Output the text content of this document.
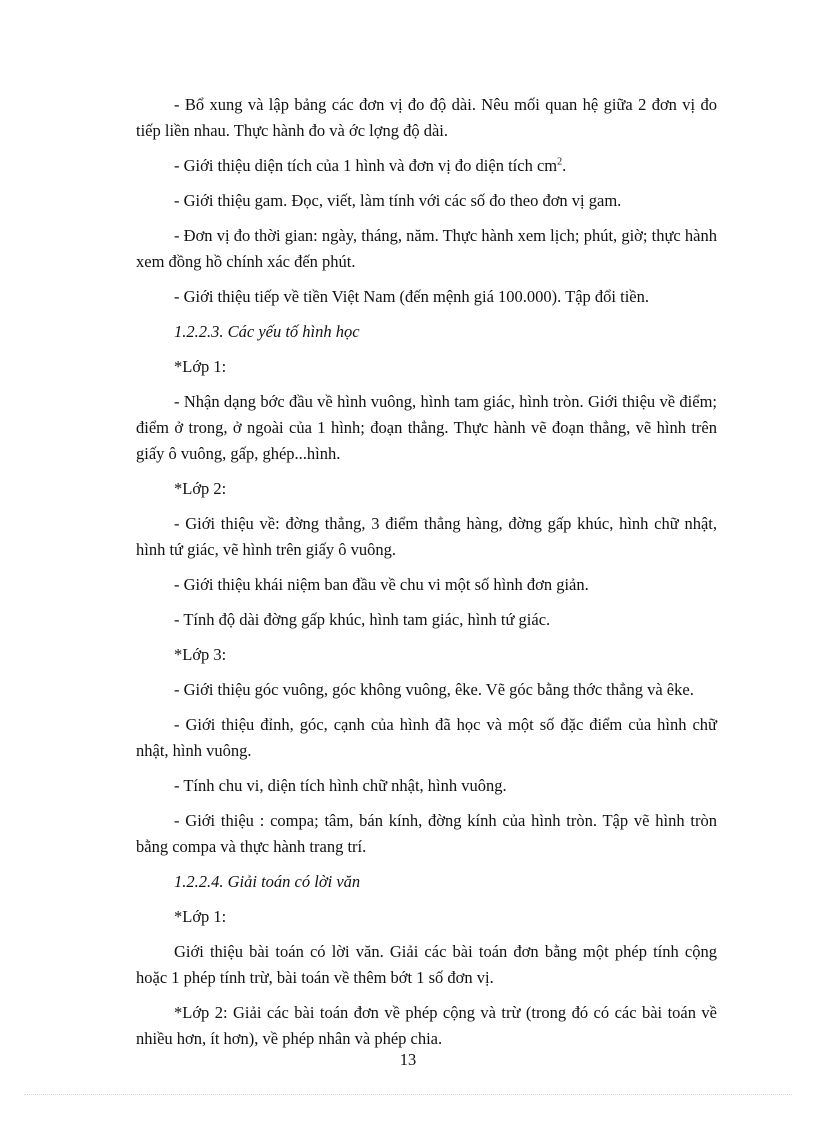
- Bổ xung và lập bảng các đơn vị đo độ dài. Nêu mối quan hệ giữa 2 đơn vị đo tiếp liền nhau. Thực hành đo và ớc lợng độ dài.

- Giới thiệu diện tích của 1 hình và đơn vị đo diện tích $cm^2$.

- Giới thiệu gam. Đọc, viết, làm tính với các số đo theo đơn vị gam.

- Đơn vị đo thời gian: ngày, tháng, năm. Thực hành xem lịch; phút, giờ; thực hành xem đồng hồ chính xác đến phút.

- Giới thiệu tiếp về tiền Việt Nam (đến mệnh giá 100.000). Tập đổi tiền.

1.2.2.3. Các yếu tố hình học

*Lớp 1:

- Nhận dạng bớc đầu về hình vuông, hình tam giác, hình tròn. Giới thiệu về điểm; điểm ở trong, ở ngoài của 1 hình; đoạn thẳng. Thực hành vẽ đoạn thẳng, vẽ hình trên giấy ô vuông, gấp, ghép...hình.

*Lớp 2:

- Giới thiệu về: đờng thẳng, 3 điểm thẳng hàng, đờng gấp khúc, hình chữ nhật, hình tứ giác, vẽ hình trên giấy ô vuông.

- Giới thiệu khái niệm ban đầu về chu vi một số hình đơn giản.

- Tính độ dài đờng gấp khúc, hình tam giác, hình tứ giác.

*Lớp 3:

- Giới thiệu góc vuông, góc không vuông, êke. Vẽ góc bằng thớc thẳng và êke.

- Giới thiệu đỉnh, góc, cạnh của hình đã học và một số đặc điểm của hình chữ nhật, hình vuông.

- Tính chu vi, diện tích hình chữ nhật, hình vuông.

- Giới thiệu : compa; tâm, bán kính, đờng kính của hình tròn. Tập vẽ hình tròn bằng compa và thực hành trang trí.

1.2.2.4. Giải toán có lời văn

*Lớp 1:

Giới thiệu bài toán có lời văn. Giải các bài toán đơn bằng một phép tính cộng hoặc 1 phép tính trừ, bài toán về thêm bớt 1 số đơn vị.

*Lớp 2: Giải các bài toán đơn về phép cộng và trừ (trong đó có các bài toán về nhiều hơn, ít hơn), về phép nhân và phép chia.

13
